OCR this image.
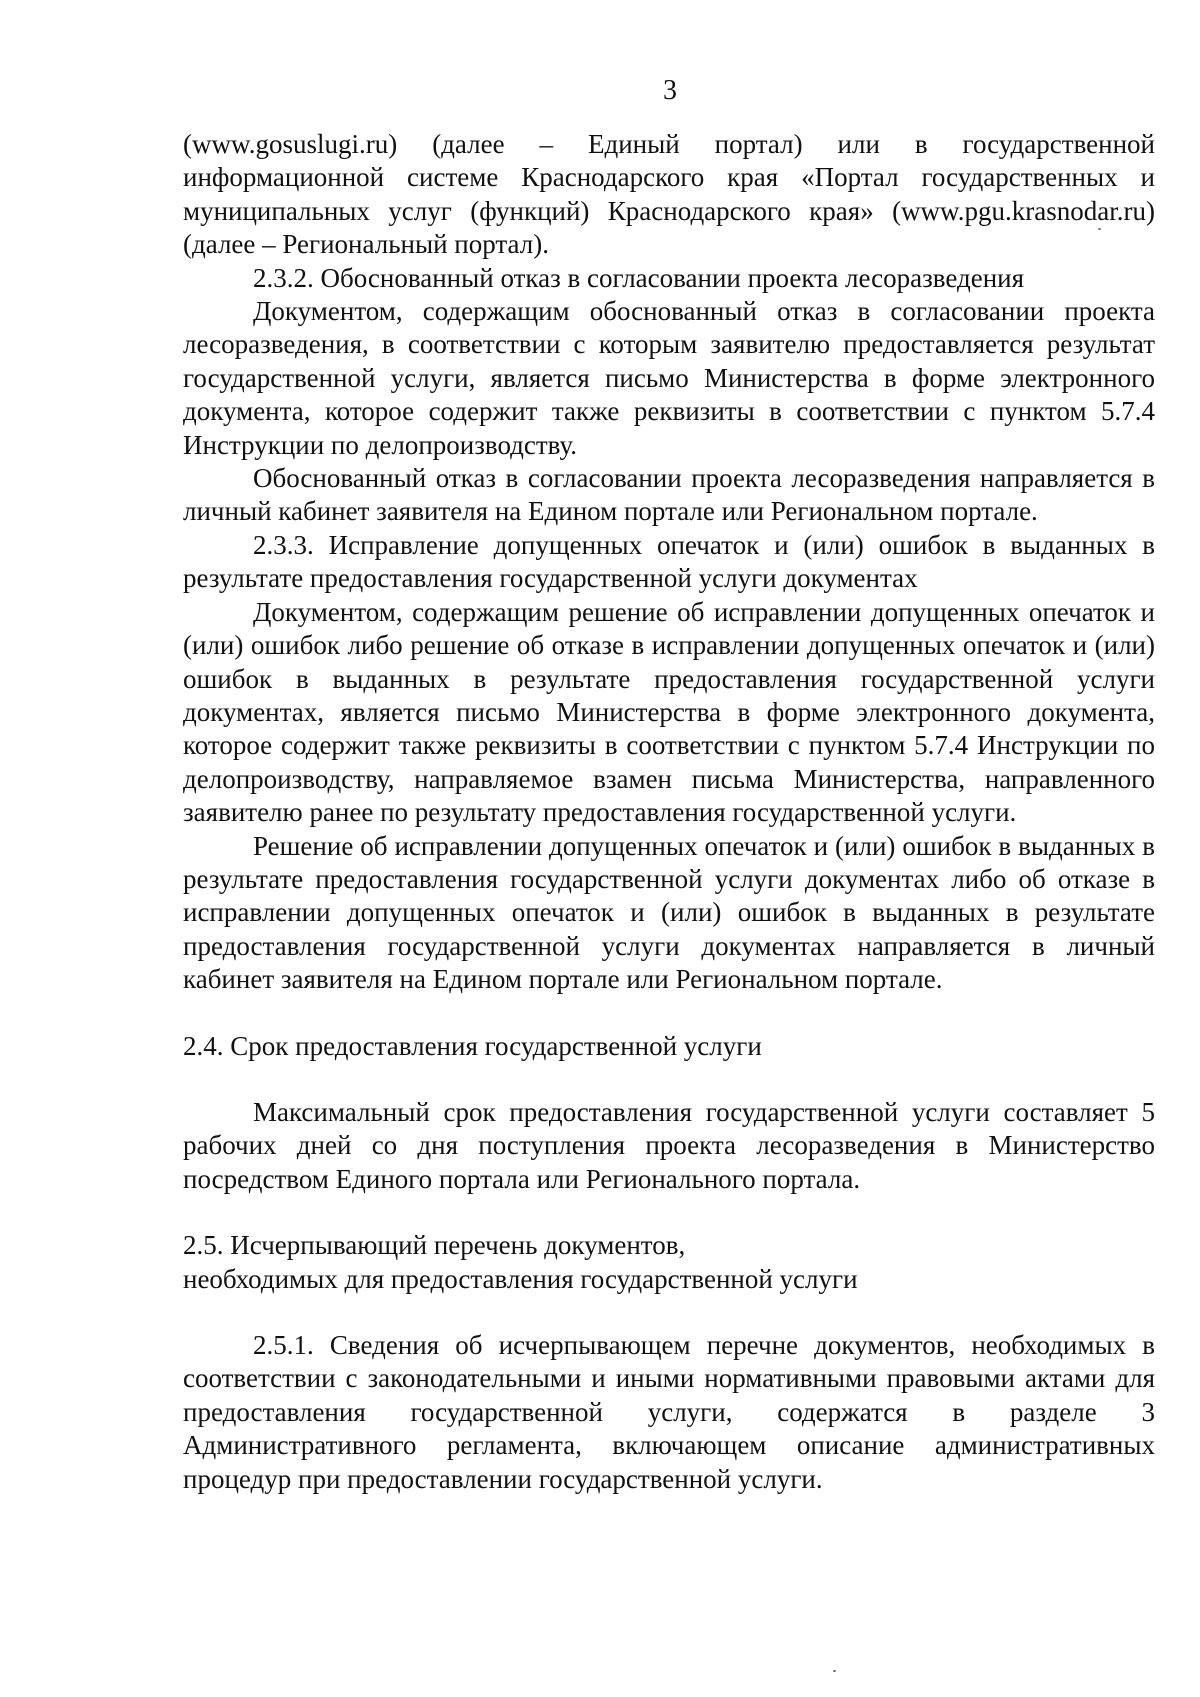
3

(www.gosuslugi.ru) (далее – Единый портал) или в государственной информационной системе Краснодарского края «Портал государственных и муниципальных услуг (функций) Краснодарского края» (www.pgu.krasnodar.ru) (далее – Региональный портал).

2.3.2. Обоснованный отказ в согласовании проекта лесоразведения

Документом, содержащим обоснованный отказ в согласовании проекта лесоразведения, в соответствии с которым заявителю предоставляется результат государственной услуги, является письмо Министерства в форме электронного документа, которое содержит также реквизиты в соответствии с пунктом 5.7.4 Инструкции по делопроизводству.

Обоснованный отказ в согласовании проекта лесоразведения направляется в личный кабинет заявителя на Едином портале или Региональном портале.

2.3.3. Исправление допущенных опечаток и (или) ошибок в выданных в результате предоставления государственной услуги документах

Документом, содержащим решение об исправлении допущенных опечаток и (или) ошибок либо решение об отказе в исправлении допущенных опечаток и (или) ошибок в выданных в результате предоставления государственной услуги документах, является письмо Министерства в форме электронного документа, которое содержит также реквизиты в соответствии с пунктом 5.7.4 Инструкции по делопроизводству, направляемое взамен письма Министерства, направленного заявителю ранее по результату предоставления государственной услуги.

Решение об исправлении допущенных опечаток и (или) ошибок в выданных в результате предоставления государственной услуги документах либо об отказе в исправлении допущенных опечаток и (или) ошибок в выданных в результате предоставления государственной услуги документах направляется в личный кабинет заявителя на Едином портале или Региональном портале.

2.4. Срок предоставления государственной услуги

Максимальный срок предоставления государственной услуги составляет 5 рабочих дней со дня поступления проекта лесоразведения в Министерство посредством Единого портала или Регионального портала.

2.5. Исчерпывающий перечень документов,

необходимых для предоставления государственной услуги

2.5.1. Сведения об исчерпывающем перечне документов, необходимых в соответствии с законодательными и иными нормативными правовыми актами для предоставления государственной услуги, содержатся в разделе 3 Административного регламента, включающем описание административных процедур при предоставлении государственной услуги.
